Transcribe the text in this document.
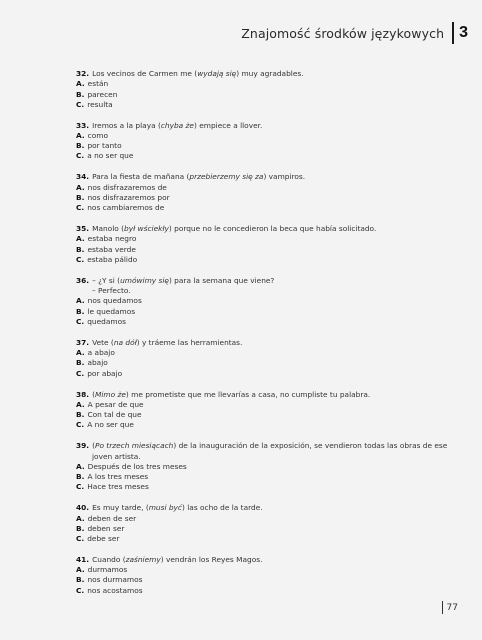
Znajomość środków językowych 3
32. Los vecinos de Carmen me (wydają się) muy agradables.
A. están
B. parecen
C. resulta
33. Iremos a la playa (chyba że) empiece a llover.
A. como
B. por tanto
C. a no ser que
34. Para la fiesta de mañana (przebierzemy się za) vampiros.
A. nos disfrazaremos de
B. nos disfrazaremos por
C. nos cambiaremos de
35. Manolo (był wściekły) porque no le concedieron la beca que había solicitado.
A. estaba negro
B. estaba verde
C. estaba pálido
36. – ¿Y si (umówimy się) para la semana que viene?
– Perfecto.
A. nos quedamos
B. le quedamos
C. quedamos
37. Vete (na dół) y tráeme las herramientas.
A. a abajo
B. abajo
C. por abajo
38. (Mimo że) me prometiste que me llevarías a casa, no cumpliste tu palabra.
A. A pesar de que
B. Con tal de que
C. A no ser que
39. (Po trzech miesiącach) de la inauguración de la exposición, se vendieron todas las obras de ese
joven artista.
A. Después de los tres meses
B. A los tres meses
C. Hace tres meses
40. Es muy tarde, (musi być) las ocho de la tarde.
A. deben de ser
B. deben ser
C. debe ser
41. Cuando (zaśniemy) vendrán los Reyes Magos.
A. durmamos
B. nos durmamos
C. nos acostamos
77
